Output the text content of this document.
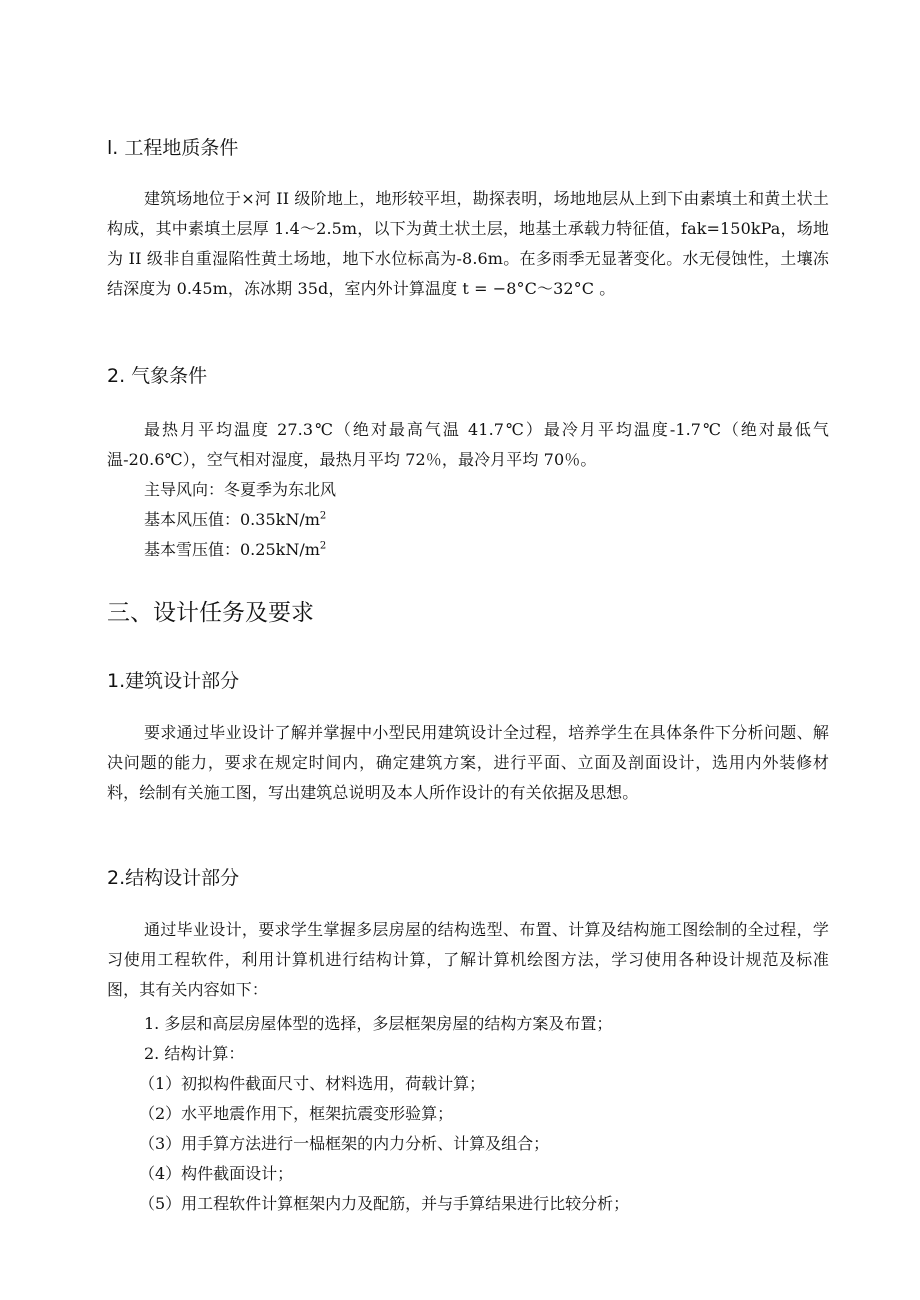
l. 工程地质条件

建筑场地位于×河 II 级阶地上，地形较平坦，勘探表明，场地地层从上到下由素填土和黄土状土构成，其中素填土层厚 1.4～2.5m，以下为黄土状土层，地基土承载力特征值，fak=150kPa，场地为 II 级非自重湿陷性黄土场地，地下水位标高为-8.6m。在多雨季无显著变化。水无侵蚀性，土壤冻结深度为 0.45m，冻冰期 35d，室内外计算温度 t = −8°C～32°C 。

2. 气象条件

最热月平均温度 27.3℃（绝对最高气温 41.7℃）最冷月平均温度-1.7℃（绝对最低气温-20.6℃），空气相对湿度，最热月平均 72％，最冷月平均 70％。

主导风向：冬夏季为东北风
基本风压值：$0.35kN/m^2$
基本雪压值：$0.25kN/m^2$
三、设计任务及要求
1.建筑设计部分

要求通过毕业设计了解并掌握中小型民用建筑设计全过程，培养学生在具体条件下分析问题、解决问题的能力，要求在规定时间内，确定建筑方案，进行平面、立面及剖面设计，选用内外装修材料，绘制有关施工图，写出建筑总说明及本人所作设计的有关依据及思想。

2.结构设计部分

通过毕业设计，要求学生掌握多层房屋的结构选型、布置、计算及结构施工图绘制的全过程，学习使用工程软件，利用计算机进行结构计算，了解计算机绘图方法，学习使用各种设计规范及标准图，其有关内容如下：

1. 多层和高层房屋体型的选择，多层框架房屋的结构方案及布置；
2. 结构计算：
（1）初拟构件截面尺寸、材料选用，荷载计算；
（2）水平地震作用下，框架抗震变形验算；
（3）用手算方法进行一榀框架的内力分析、计算及组合；
（4）构件截面设计；
（5）用工程软件计算框架内力及配筋，并与手算结果进行比较分析；
